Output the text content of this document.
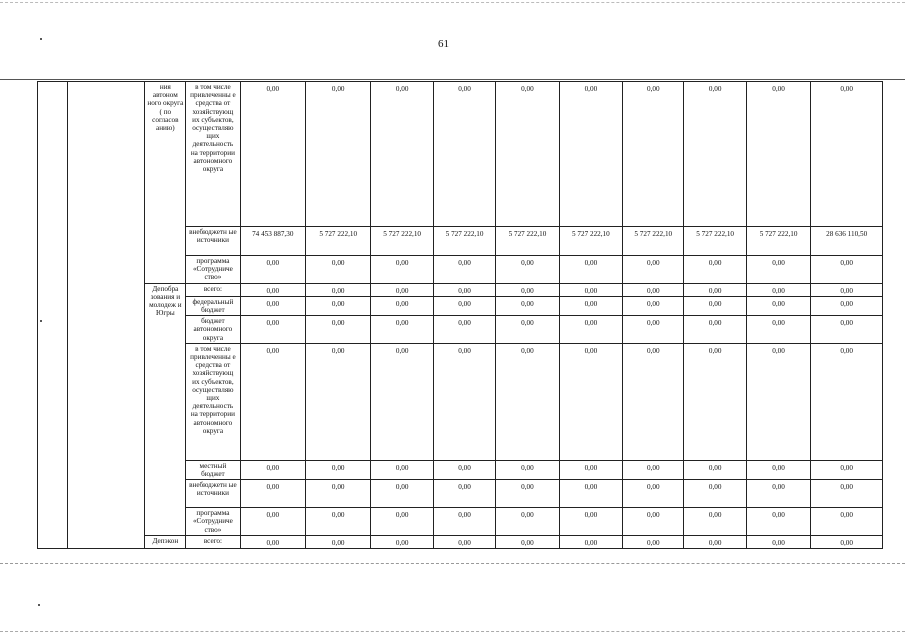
61
		ния автоном ного округа ( по согласов анию)	в том числе привлеченны е средства от хозяйствующ их субъектов, осуществляю щих деятельность на территории автономного округа	0,00	0,00	0,00	0,00	0,00	0,00	0,00	0,00	0,00	0,00
			внебюджетн ые источники	74 453 887,30	5 727 222,10	5 727 222,10	5 727 222,10	5 727 222,10	5 727 222,10	5 727 222,10	5 727 222,10	5 727 222,10	28 636 110,50
			программа «Сотрудниче ство»	0,00	0,00	0,00	0,00	0,00	0,00	0,00	0,00	0,00	0,00
		Депобра зования и молодеж и Югры	всего:	0,00	0,00	0,00	0,00	0,00	0,00	0,00	0,00	0,00	0,00
			федеральный бюджет	0,00	0,00	0,00	0,00	0,00	0,00	0,00	0,00	0,00	0,00
			бюджет автономного округа	0,00	0,00	0,00	0,00	0,00	0,00	0,00	0,00	0,00	0,00
			в том числе привлеченны е средства от хозяйствующ их субъектов, осуществляю щих деятельность на территории автономного округа	0,00	0,00	0,00	0,00	0,00	0,00	0,00	0,00	0,00	0,00
			местный бюджет	0,00	0,00	0,00	0,00	0,00	0,00	0,00	0,00	0,00	0,00
			внебюджетн ые источники	0,00	0,00	0,00	0,00	0,00	0,00	0,00	0,00	0,00	0,00
			программа «Сотрудниче ство»	0,00	0,00	0,00	0,00	0,00	0,00	0,00	0,00	0,00	0,00
		Депэкон	всего:	0,00	0,00	0,00	0,00	0,00	0,00	0,00	0,00	0,00	0,00
